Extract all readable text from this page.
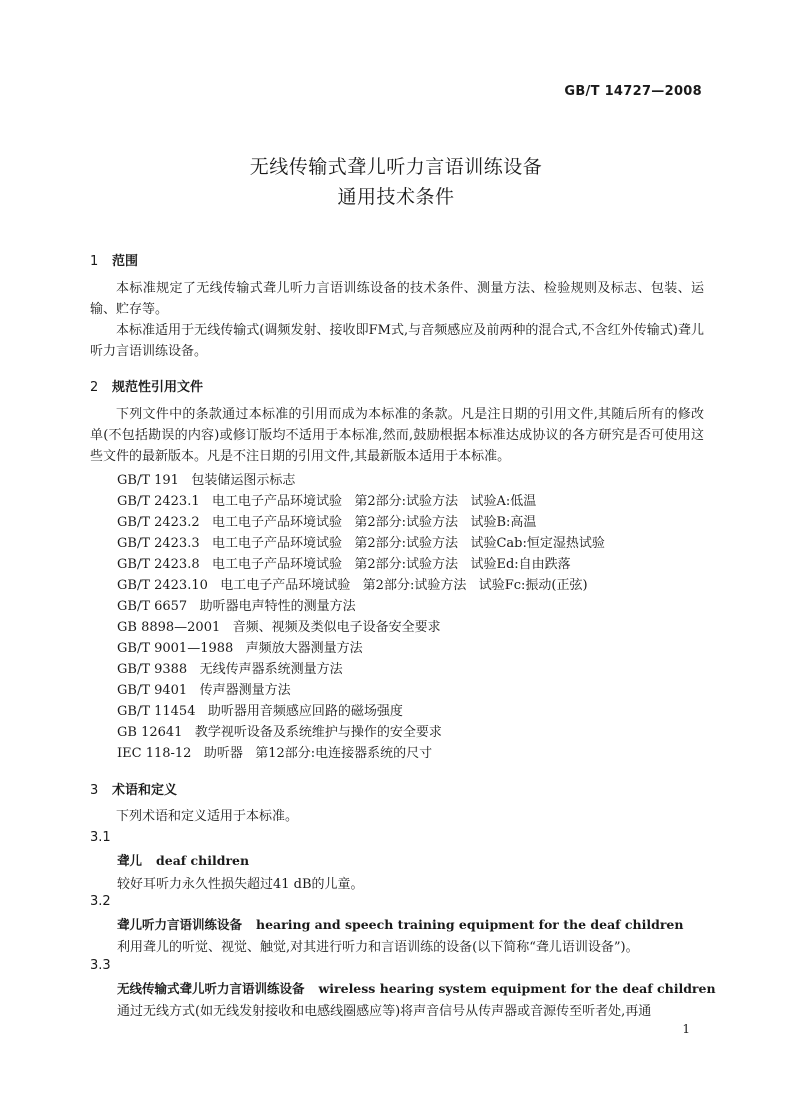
GB/T 14727—2008
无线传输式聋儿听力言语训练设备
通用技术条件
1 范围
本标准规定了无线传输式聋儿听力言语训练设备的技术条件、测量方法、检验规则及标志、包装、运输、贮存等。
本标准适用于无线传输式(调频发射、接收即FM式,与音频感应及前两种的混合式,不含红外传输式)聋儿听力言语训练设备。
2 规范性引用文件
下列文件中的条款通过本标准的引用而成为本标准的条款。凡是注日期的引用文件,其随后所有的修改单(不包括勘误的内容)或修订版均不适用于本标准,然而,鼓励根据本标准达成协议的各方研究是否可使用这些文件的最新版本。凡是不注日期的引用文件,其最新版本适用于本标准。
GB/T 191   包装储运图示标志
GB/T 2423.1   电工电子产品环境试验   第2部分:试验方法   试验A:低温
GB/T 2423.2   电工电子产品环境试验   第2部分:试验方法   试验B:高温
GB/T 2423.3   电工电子产品环境试验   第2部分:试验方法   试验Cab:恒定湿热试验
GB/T 2423.8   电工电子产品环境试验   第2部分:试验方法   试验Ed:自由跌落
GB/T 2423.10   电工电子产品环境试验   第2部分:试验方法   试验Fc:振动(正弦)
GB/T 6657   助听器电声特性的测量方法
GB 8898—2001   音频、视频及类似电子设备安全要求
GB/T 9001—1988   声频放大器测量方法
GB/T 9388   无线传声器系统测量方法
GB/T 9401   传声器测量方法
GB/T 11454   助听器用音频感应回路的磁场强度
GB 12641   教学视听设备及系统维护与操作的安全要求
IEC 118-12   助听器   第12部分:电连接器系统的尺寸
3 术语和定义
下列术语和定义适用于本标准。
3.1
聋儿 deaf children
较好耳听力永久性损失超过41 dB的儿童。
3.2
聋儿听力言语训练设备 hearing and speech training equipment for the deaf children
利用聋儿的听觉、视觉、触觉,对其进行听力和言语训练的设备(以下简称“聋儿语训设备”)。
3.3
无线传输式聋儿听力言语训练设备 wireless hearing system equipment for the deaf children
通过无线方式(如无线发射接收和电感线圈感应等)将声音信号从传声器或音源传至听者处,再通
1
